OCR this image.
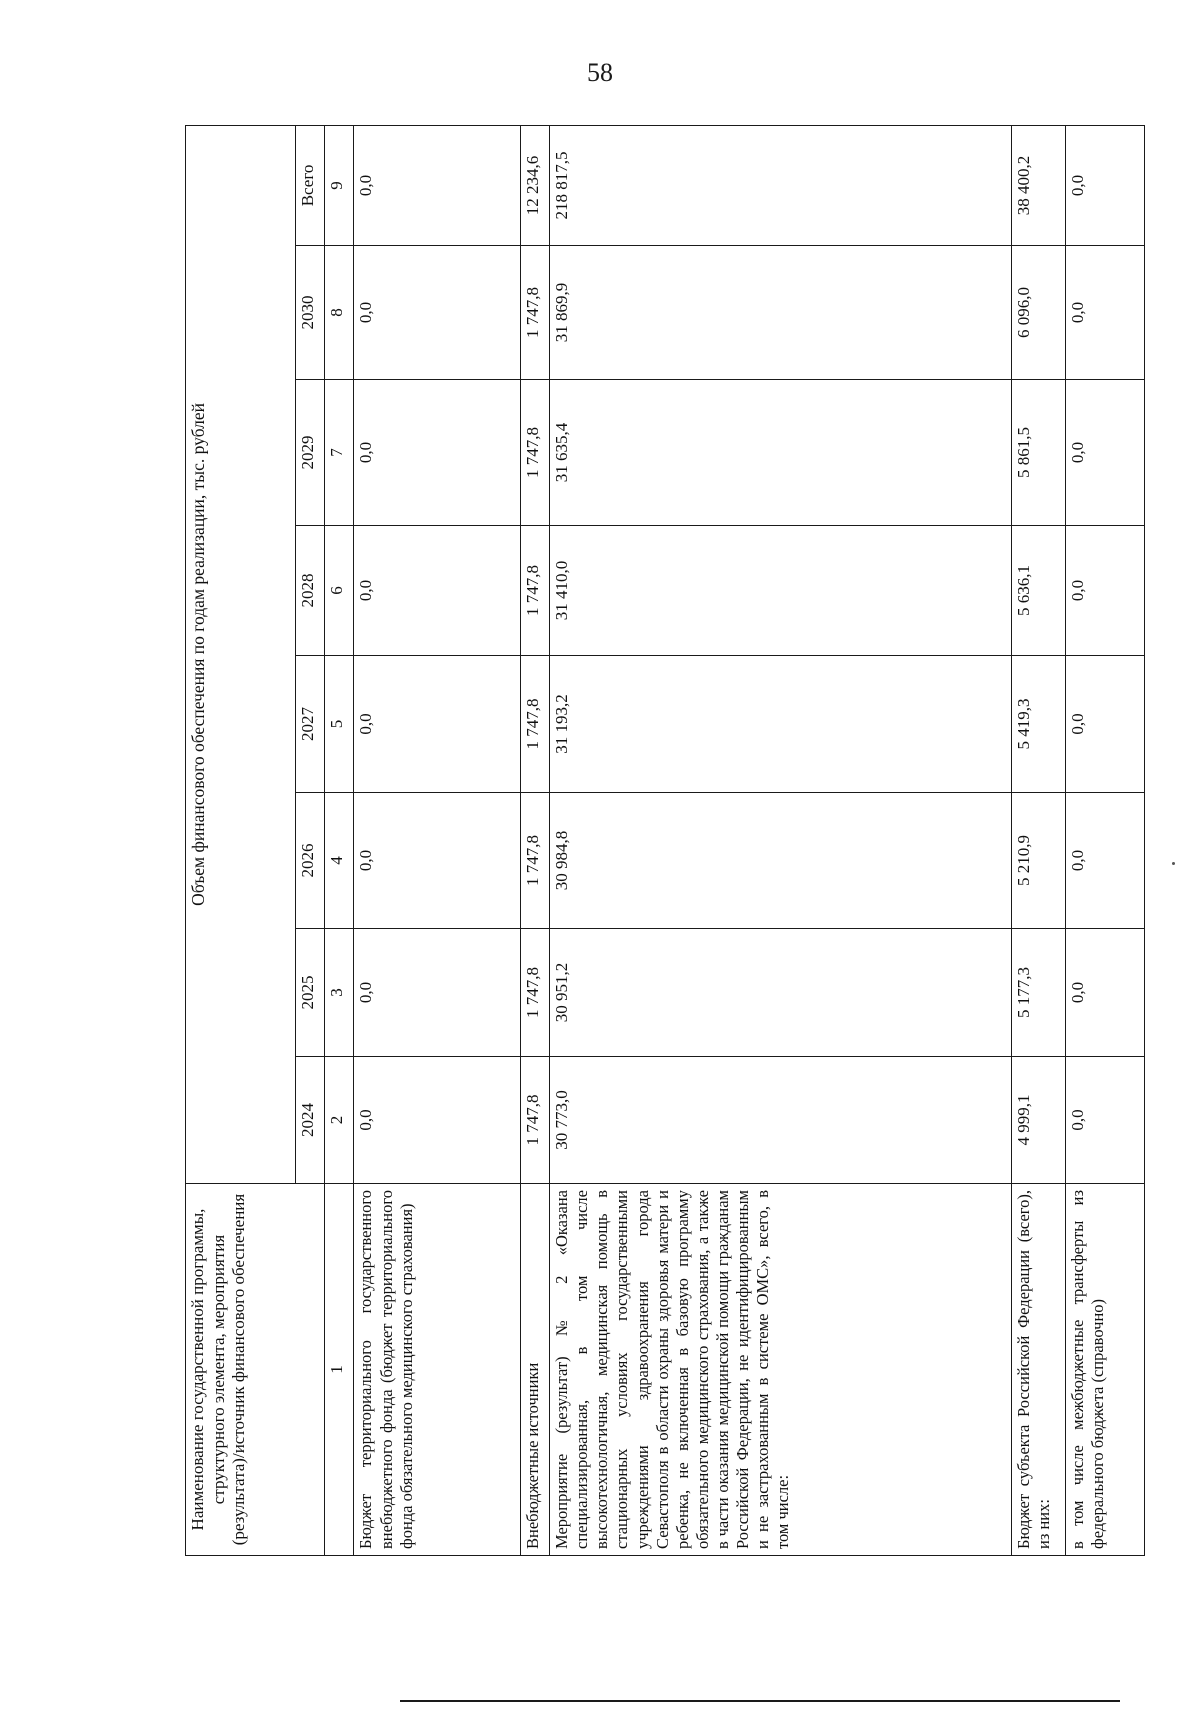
58
Наименование государственной программы, структурного элемента, мероприятия (результата)/источник финансового обеспечения	Объем финансового обеспечения по годам реализации, тыс. рублей							
	2024	2025	2026	2027	2028	2029	2030	Всего
1	2	3	4	5	6	7	8	9
Бюджет территориального государственного внебюджетного фонда (бюджет территориального фонда обязательного медицинского страхования)	0,0	0,0	0,0	0,0	0,0	0,0	0,0	0,0
Внебюджетные источники	1 747,8	1 747,8	1 747,8	1 747,8	1 747,8	1 747,8	1 747,8	12 234,6
Мероприятие (результат) № 2 «Оказана специализированная, в том числе высокотехнологичная, медицинская помощь в стационарных условиях государственными учреждениями здравоохранения города Севастополя в области охраны здоровья матери и ребенка, не включенная в базовую программу обязательного медицинского страхования, а также в части оказания медицинской помощи гражданам Российской Федерации, не идентифицированным и не застрахованным в системе ОМС», всего, в том числе:	30 773,0	30 951,2	30 984,8	31 193,2	31 410,0	31 635,4	31 869,9	218 817,5
Бюджет субъекта Российской Федерации (всего), из них:	4 999,1	5 177,3	5 210,9	5 419,3	5 636,1	5 861,5	6 096,0	38 400,2
в том числе межбюджетные трансферты из федерального бюджета (справочно)	0,0	0,0	0,0	0,0	0,0	0,0	0,0	0,0
